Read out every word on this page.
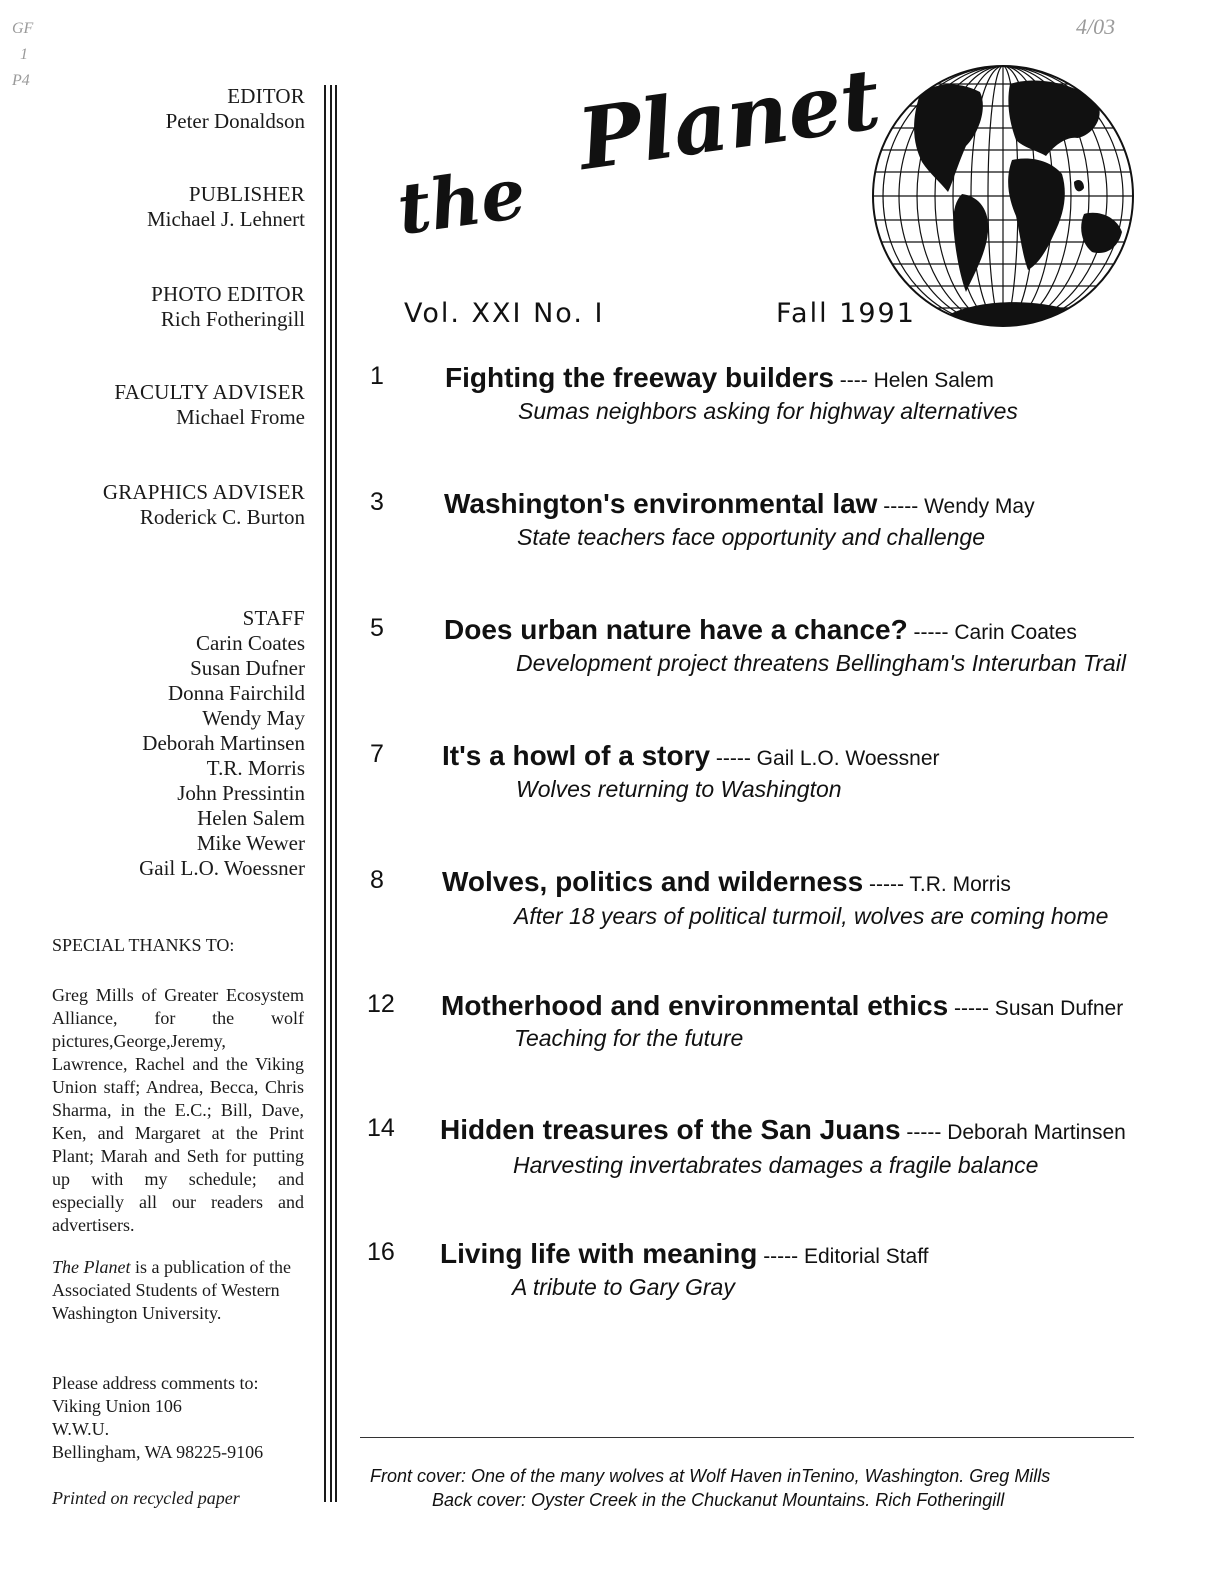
GF
1
P4
4/03
EDITOR
Peter Donaldson
PUBLISHER
Michael J. Lehnert
PHOTO EDITOR
Rich Fotheringill
FACULTY ADVISER
Michael Frome
GRAPHICS ADVISER
Roderick C. Burton
STAFF
Carin Coates
Susan Dufner
Donna Fairchild
Wendy May
Deborah Martinsen
T.R. Morris
John Pressintin
Helen Salem
Mike Wewer
Gail L.O. Woessner
SPECIAL THANKS TO:
Greg Mills of Greater Ecosystem Alliance, for the wolf pictures,George,Jeremy, Lawrence, Rachel and the Viking Union staff; Andrea, Becca, Chris Sharma, in the E.C.; Bill, Dave, Ken, and Margaret at the Print Plant; Marah and Seth for putting up with my schedule; and especially all our readers and advertisers.
The Planet is a publication of the Associated Students of Western Washington University.
Please address comments to:
Viking Union 106
W.W.U.
Bellingham, WA 98225-9106
Printed on recycled paper
the
Planet
Vol. XXI No. I	Fall 1991
1 Fighting the freeway builders ---- Helen Salem
Sumas neighbors asking for highway alternatives
3 Washington's environmental law ----- Wendy May
State teachers face opportunity and challenge
5 Does urban nature have a chance? ----- Carin Coates
Development project threatens Bellingham's Interurban Trail
7 It's a howl of a story ----- Gail L.O. Woessner
Wolves returning to Washington
8 Wolves, politics and wilderness ----- T.R. Morris
After 18 years of political turmoil, wolves are coming home
12 Motherhood and environmental ethics ----- Susan Dufner
Teaching for the future
14 Hidden treasures of the San Juans ----- Deborah Martinsen
Harvesting invertabrates damages a fragile balance
16 Living life with meaning ----- Editorial Staff
A tribute to Gary Gray
Front cover: One of the many wolves at Wolf Haven inTenino, Washington. Greg Mills
Back cover: Oyster Creek in the Chuckanut Mountains. Rich Fotheringill
